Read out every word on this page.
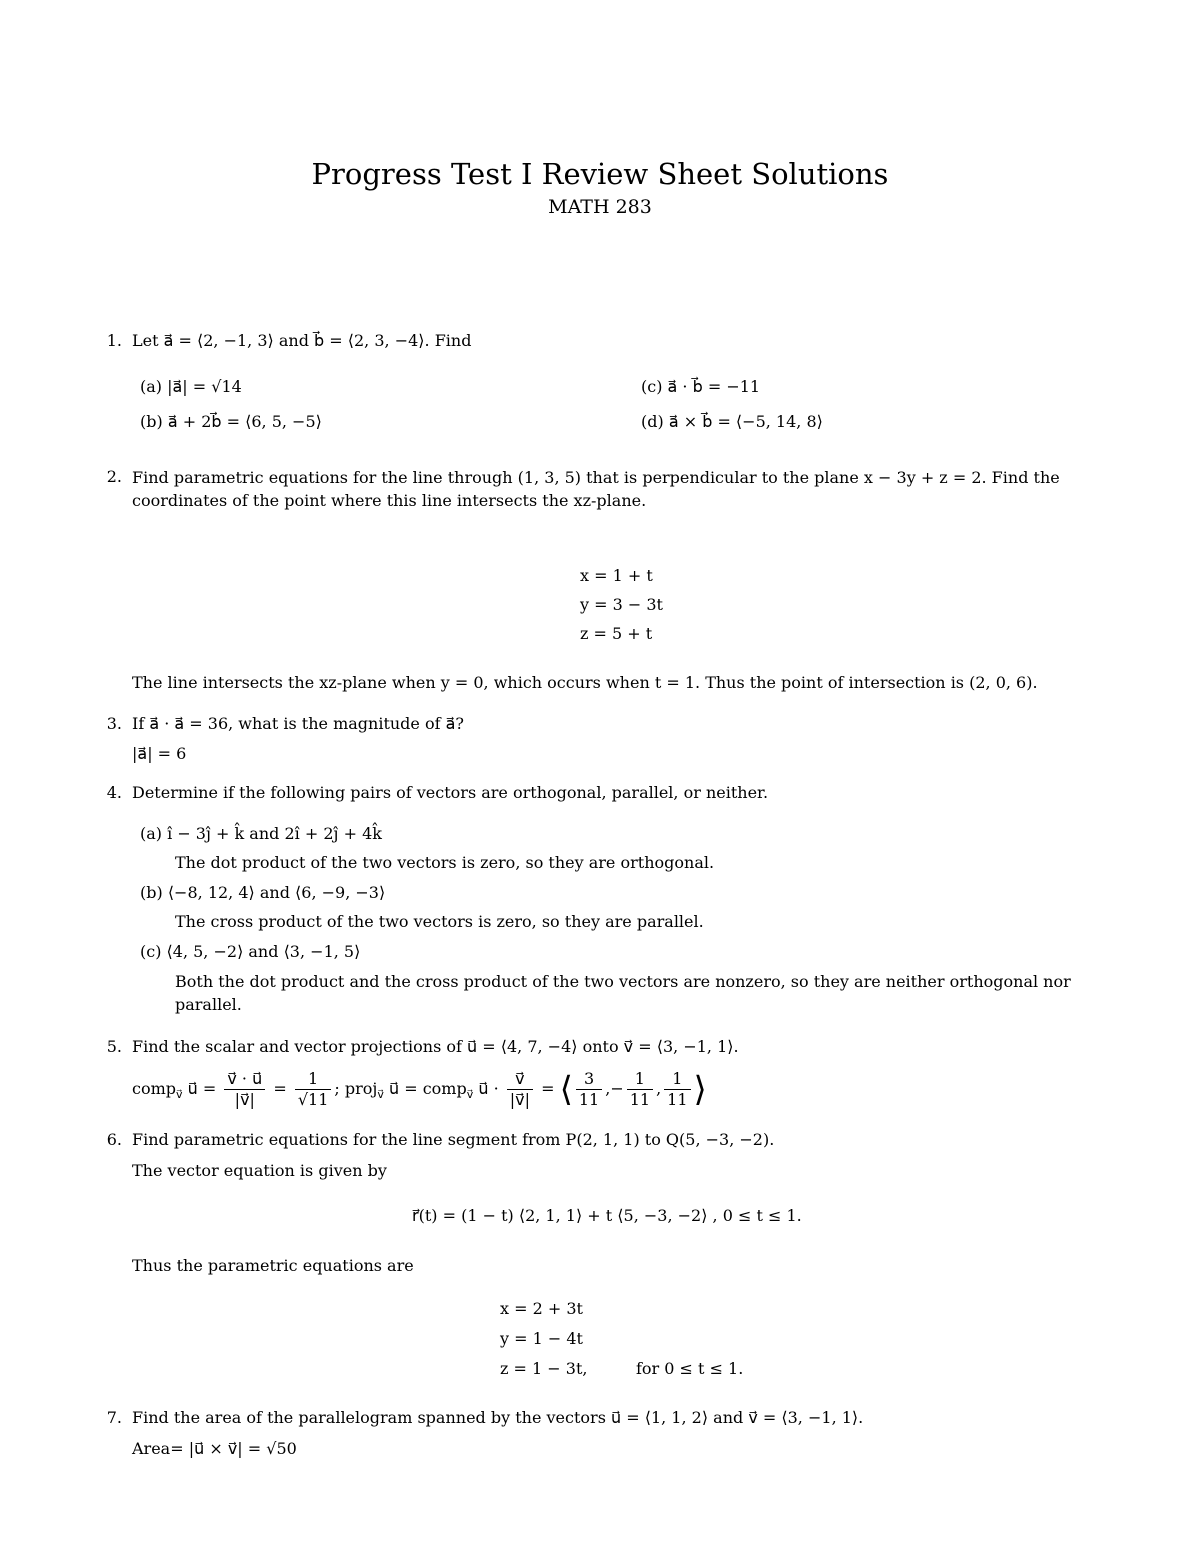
Progress Test I Review Sheet Solutions
MATH 283
1. Let a⃗ = ⟨2, −1, 3⟩ and b⃗ = ⟨2, 3, −4⟩. Find
(a) |a⃗| = √14
(b) a⃗ + 2b⃗ = ⟨6, 5, −5⟩
(c) a⃗ · b⃗ = −11
(d) a⃗ × b⃗ = ⟨−5, 14, 8⟩
2. Find parametric equations for the line through (1, 3, 5) that is perpendicular to the plane x − 3y + z = 2. Find the coordinates of the point where this line intersects the xz-plane.
x = 1 + t
y = 3 − 3t
z = 5 + t
The line intersects the xz-plane when y = 0, which occurs when t = 1. Thus the point of intersection is (2, 0, 6).
3. If a⃗ · a⃗ = 36, what is the magnitude of a⃗?
|a⃗| = 6
4. Determine if the following pairs of vectors are orthogonal, parallel, or neither.
(a) î − 3ĵ + k̂ and 2î + 2ĵ + 4k̂
The dot product of the two vectors is zero, so they are orthogonal.
(b) ⟨−8, 12, 4⟩ and ⟨6, −9, −3⟩
The cross product of the two vectors is zero, so they are parallel.
(c) ⟨4, 5, −2⟩ and ⟨3, −1, 5⟩
Both the dot product and the cross product of the two vectors are nonzero, so they are neither orthogonal nor parallel.
5. Find the scalar and vector projections of u⃗ = ⟨4, 7, −4⟩ onto v⃗ = ⟨3, −1, 1⟩.
comp$_{v⃗}$ u⃗ = $\frac{v⃗ \cdot u⃗}{|v⃗|} = \frac{1}{√11}$ ; proj$_{v⃗}$ u⃗ = comp$_{v⃗}$ u⃗ · $\frac{v⃗}{|v⃗|}$ = ⟨ $\frac{3}{11}$ ,− $\frac{1}{11}$ , $\frac{1}{11}$ ⟩
6. Find parametric equations for the line segment from P(2, 1, 1) to Q(5, −3, −2).
The vector equation is given by
r⃗(t) = (1 − t) ⟨2, 1, 1⟩ + t ⟨5, −3, −2⟩ , 0 ≤ t ≤ 1.
Thus the parametric equations are
x = 2 + 3t
y = 1 − 4t
z = 1 − 3t,	for 0 ≤ t ≤ 1.
7. Find the area of the parallelogram spanned by the vectors u⃗ = ⟨1, 1, 2⟩ and v⃗ = ⟨3, −1, 1⟩.
Area= |u⃗ × v⃗| = √50
